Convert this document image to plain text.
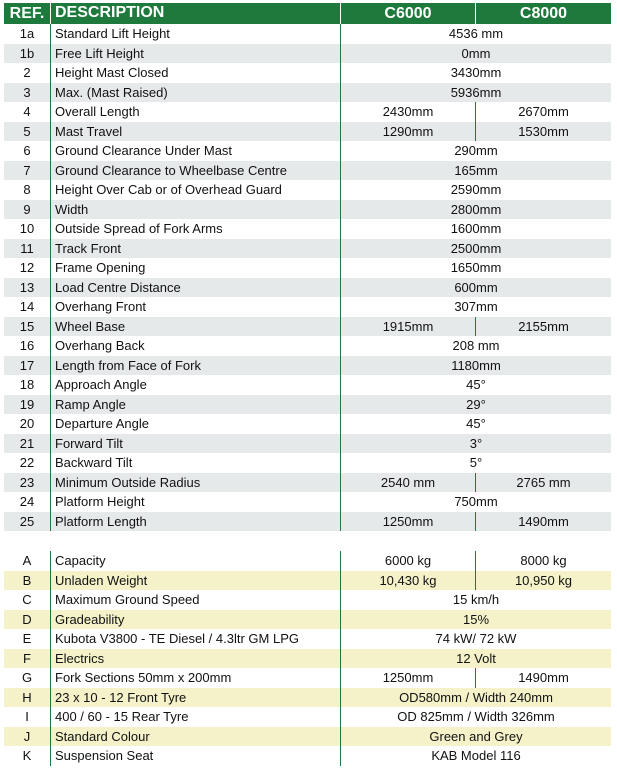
REF. DESCRIPTION	C6000	C8000
1a	Standard Lift Height	4536 mm
1b	Free Lift Height	0mm
2	Height Mast Closed	3430mm
3	Max. (Mast Raised)	5936mm
4	Overall Length	2430mm	2670mm
5	Mast Travel	1290mm	1530mm
6	Ground Clearance Under Mast	290mm
7	Ground Clearance to Wheelbase Centre	165mm
8	Height Over Cab or of Overhead Guard	2590mm
9	Width	2800mm
10	Outside Spread of Fork Arms	1600mm
11	Track Front	2500mm
12	Frame Opening	1650mm
13	Load Centre Distance	600mm
14	Overhang Front	307mm
15	Wheel Base	1915mm	2155mm
16	Overhang Back	208 mm
17	Length from Face of Fork	1180mm
18	Approach Angle	45°
19	Ramp Angle	29°
20	Departure Angle	45°
21	Forward Tilt	3°
22	Backward Tilt	5°
23	Minimum Outside Radius	2540 mm	2765 mm
24	Platform Height	750mm
25	Platform Length	1250mm	1490mm
A	Capacity	6000 kg	8000 kg
B	Unladen Weight	10,430 kg	10,950 kg
C	Maximum Ground Speed	15 km/h
D	Gradeability	15%
E	Kubota V3800 - TE Diesel / 4.3ltr GM LPG	74 kW/ 72 kW
F	Electrics	12 Volt
G	Fork Sections 50mm x 200mm	1250mm	1490mm
H	23 x 10 - 12 Front Tyre	OD580mm / Width 240mm
I	400 / 60 - 15 Rear Tyre	OD 825mm / Width 326mm
J	Standard Colour	Green and Grey
K	Suspension Seat	KAB Model 116
